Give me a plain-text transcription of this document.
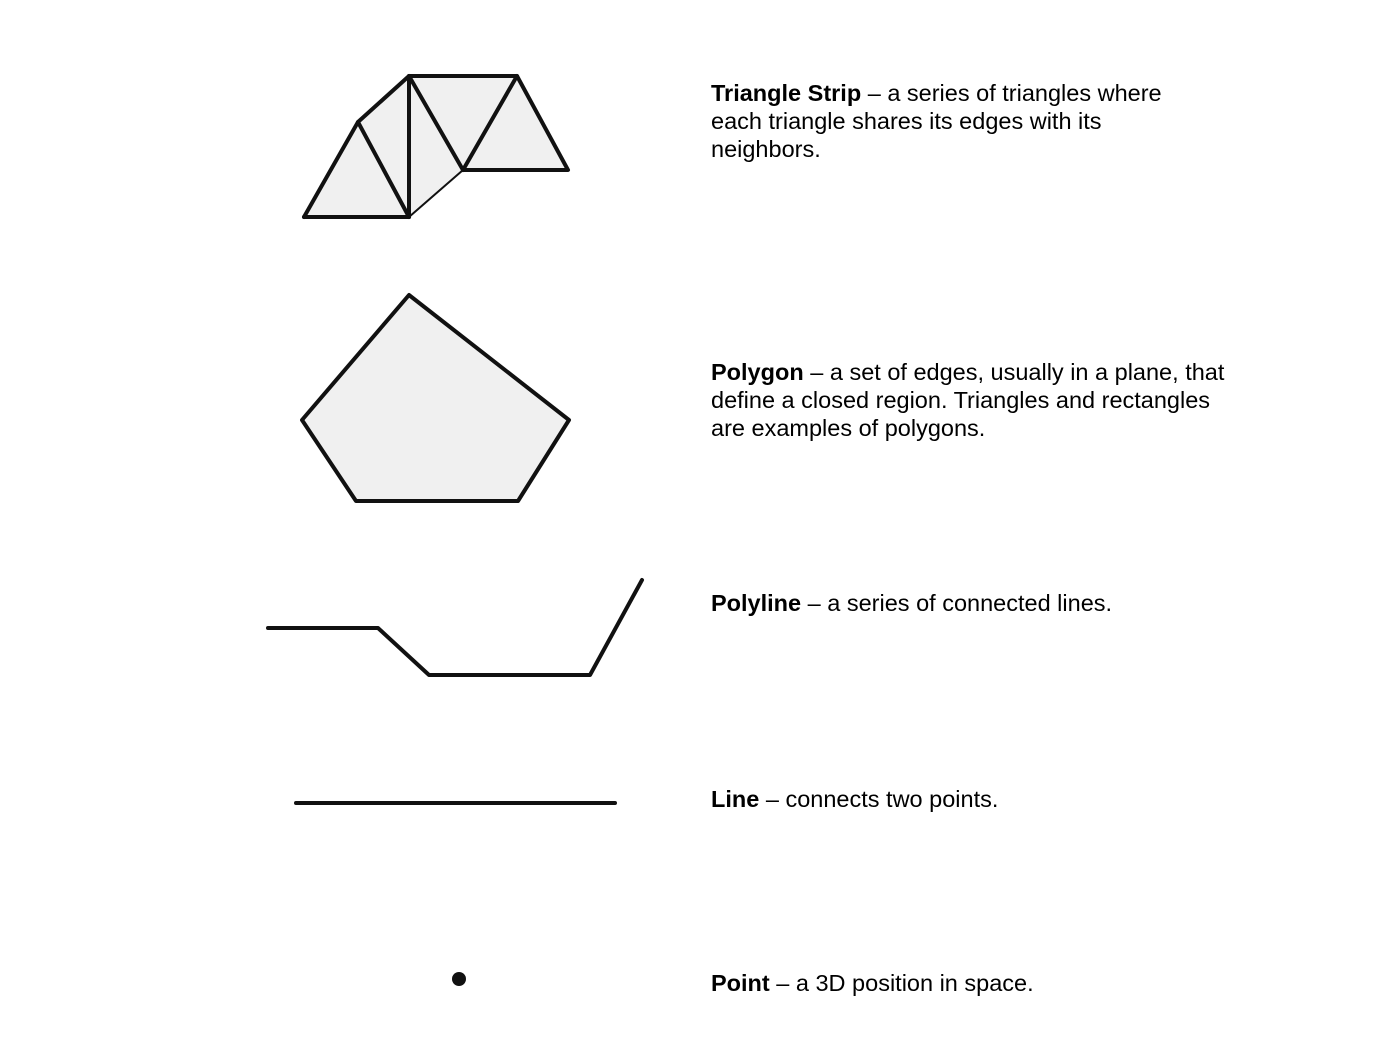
Triangle Strip – a series of triangles where each triangle shares its edges with its neighbors.

Polygon – a set of edges, usually in a plane, that define a closed region. Triangles and rectangles are examples of polygons.

Polyline – a series of connected lines.

Line – connects two points.

Point – a 3D position in space.
